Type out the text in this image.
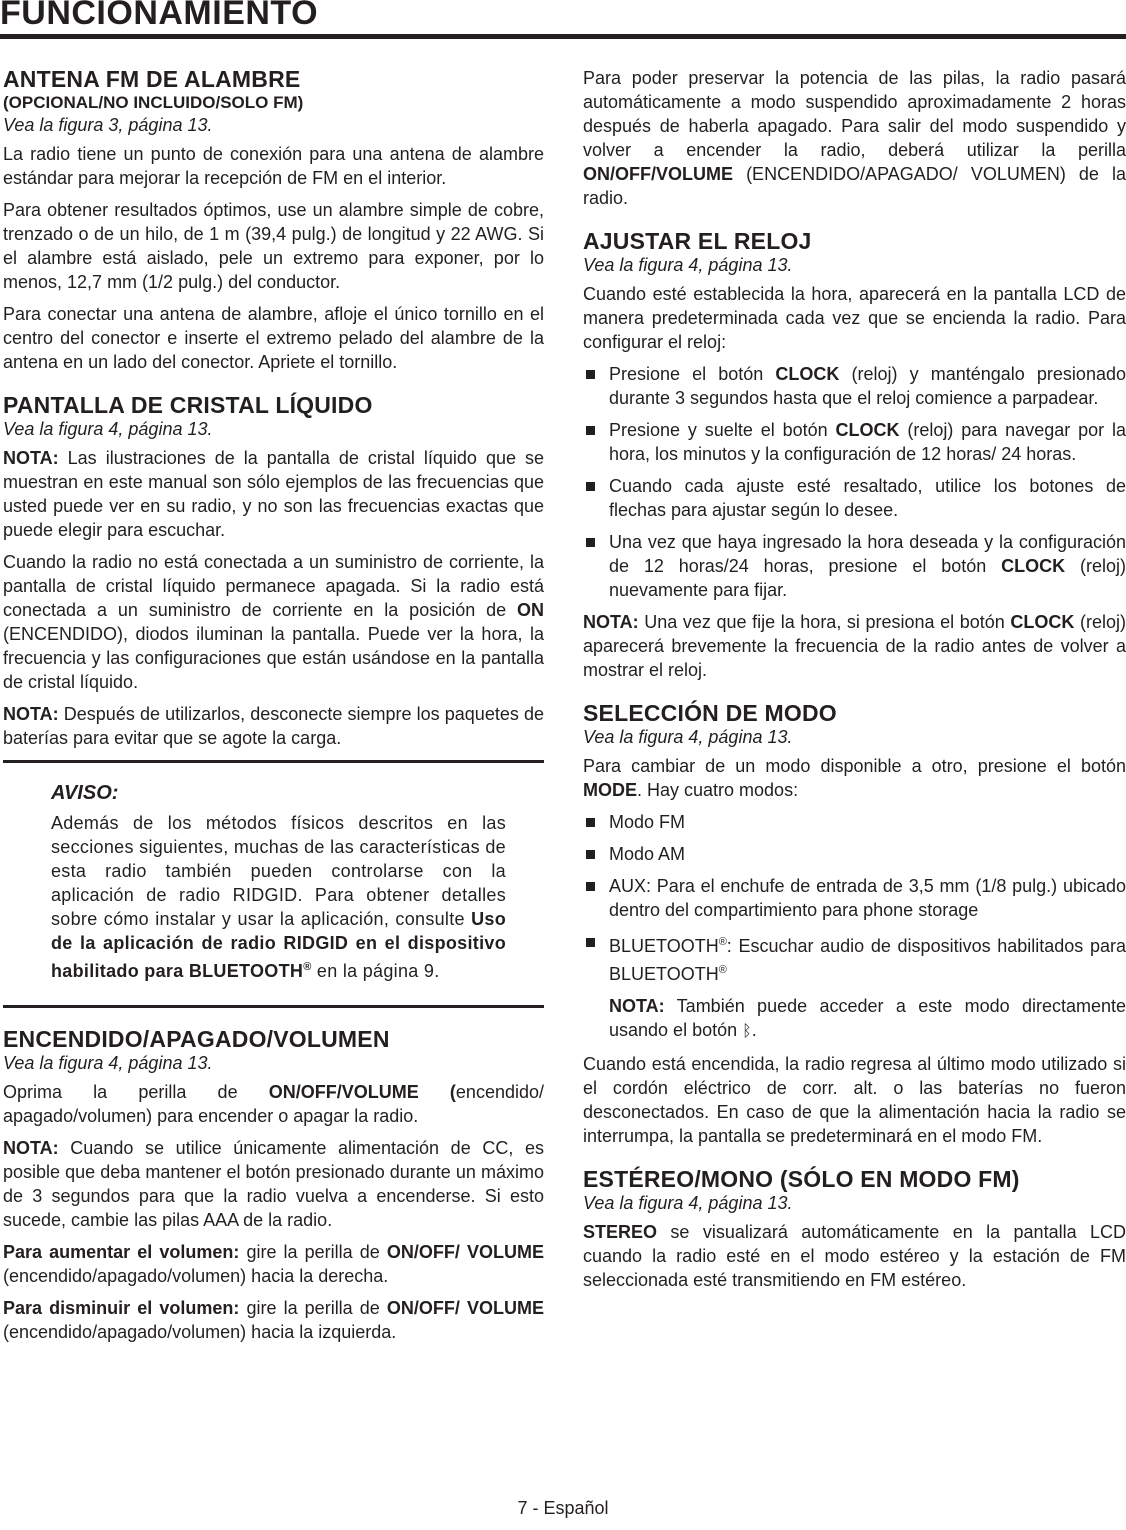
FUNCIONAMIENTO
ANTENA FM DE ALAMBRE
(OPCIONAL/NO INCLUIDO/SOLO FM)
Vea la figura 3, página 13.

La radio tiene un punto de conexión para una antena de alambre estándar para mejorar la recepción de FM en el interior.

Para obtener resultados óptimos, use un alambre simple de cobre, trenzado o de un hilo, de 1 m (39,4 pulg.) de longitud y 22 AWG. Si el alambre está aislado, pele un extremo para exponer, por lo menos, 12,7 mm (1/2 pulg.) del conductor.

Para conectar una antena de alambre, afloje el único tornillo en el centro del conector e inserte el extremo pelado del alambre de la antena en un lado del conector. Apriete el tornillo.

PANTALLA DE CRISTAL LÍQUIDO
Vea la figura 4, página 13.

NOTA: Las ilustraciones de la pantalla de cristal líquido que se muestran en este manual son sólo ejemplos de las frecuencias que usted puede ver en su radio, y no son las frecuencias exactas que puede elegir para escuchar.

Cuando la radio no está conectada a un suministro de corriente, la pantalla de cristal líquido permanece apagada. Si la radio está conectada a un suministro de corriente en la posición de ON (ENCENDIDO), diodos iluminan la pantalla. Puede ver la hora, la frecuencia y las configuraciones que están usándose en la pantalla de cristal líquido.

NOTA: Después de utilizarlos, desconecte siempre los paquetes de baterías para evitar que se agote la carga.

AVISO:

Además de los métodos físicos descritos en las secciones siguientes, muchas de las características de esta radio también pueden controlarse con la aplicación de radio RIDGID. Para obtener detalles sobre cómo instalar y usar la aplicación, consulte Uso de la aplicación de radio RIDGID en el dispositivo habilitado para BLUETOOTH® en la página 9.

ENCENDIDO/APAGADO/VOLUMEN
Vea la figura 4, página 13.

Oprima la perilla de ON/OFF/VOLUME (encendido/ apagado/volumen) para encender o apagar la radio.

NOTA: Cuando se utilice únicamente alimentación de CC, es posible que deba mantener el botón presionado durante un máximo de 3 segundos para que la radio vuelva a encenderse. Si esto sucede, cambie las pilas AAA de la radio.

Para aumentar el volumen: gire la perilla de ON/OFF/ VOLUME (encendido/apagado/volumen) hacia la derecha.

Para disminuir el volumen: gire la perilla de ON/OFF/ VOLUME (encendido/apagado/volumen) hacia la izquierda.

Para poder preservar la potencia de las pilas, la radio pasará automáticamente a modo suspendido aproximadamente 2 horas después de haberla apagado. Para salir del modo suspendido y volver a encender la radio, deberá utilizar la perilla ON/OFF/VOLUME (ENCENDIDO/APAGADO/ VOLUMEN) de la radio.

AJUSTAR EL RELOJ
Vea la figura 4, página 13.

Cuando esté establecida la hora, aparecerá en la pantalla LCD de manera predeterminada cada vez que se encienda la radio. Para configurar el reloj:

Presione el botón CLOCK (reloj) y manténgalo presionado durante 3 segundos hasta que el reloj comience a parpadear.
Presione y suelte el botón CLOCK (reloj) para navegar por la hora, los minutos y la configuración de 12 horas/ 24 horas.
Cuando cada ajuste esté resaltado, utilice los botones de flechas para ajustar según lo desee.
Una vez que haya ingresado la hora deseada y la configuración de 12 horas/24 horas, presione el botón CLOCK (reloj) nuevamente para fijar.

NOTA: Una vez que fije la hora, si presiona el botón CLOCK (reloj) aparecerá brevemente la frecuencia de la radio antes de volver a mostrar el reloj.

SELECCIÓN DE MODO
Vea la figura 4, página 13.

Para cambiar de un modo disponible a otro, presione el botón MODE. Hay cuatro modos:

Modo FM
Modo AM
AUX: Para el enchufe de entrada de 3,5 mm (1/8 pulg.) ubicado dentro del compartimiento para phone storage
BLUETOOTH®: Escuchar audio de dispositivos habilitados para BLUETOOTH®

NOTA: También puede acceder a este modo directamente usando el botón ᛒ.

Cuando está encendida, la radio regresa al último modo utilizado si el cordón eléctrico de corr. alt. o las baterías no fueron desconectados. En caso de que la alimentación hacia la radio se interrumpa, la pantalla se predeterminará en el modo FM.

ESTÉREO/MONO (SÓLO EN MODO FM)
Vea la figura 4, página 13.

STEREO se visualizará automáticamente en la pantalla LCD cuando la radio esté en el modo estéreo y la estación de FM seleccionada esté transmitiendo en FM estéreo.

7 - Español
